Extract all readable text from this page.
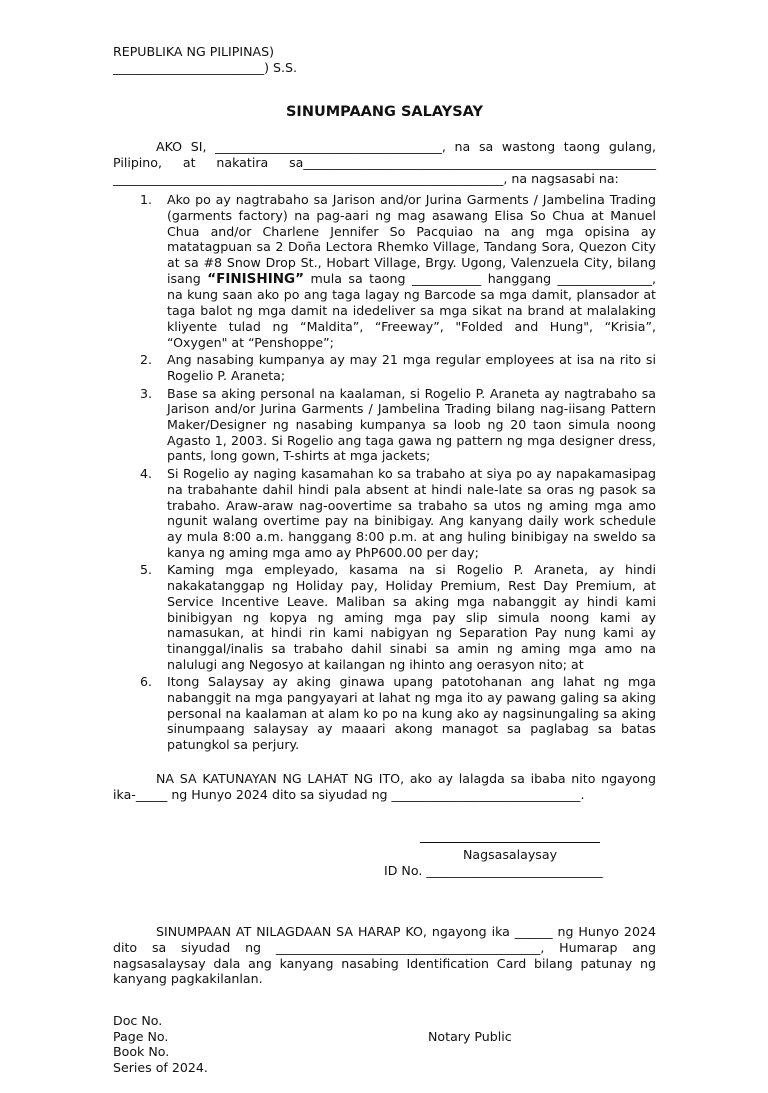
REPUBLIKA NG PILIPINAS)

________________________) S.S.

SINUMPAANG SALAYSAY

AKO SI, ____________________________________, na sa wastong taong gulang, Pilipino, at nakatira sa________________________________________________________ ______________________________________________________________, na nagsasabi na:

1. Ako po ay nagtrabaho sa Jarison and/or Jurina Garments / Jambelina Trading (garments factory) na pag-aari ng mag asawang Elisa So Chua at Manuel Chua and/or Charlene Jennifer So Pacquiao na ang mga opisina ay matatagpuan sa 2 Doña Lectora Rhemko Village, Tandang Sora, Quezon City at sa #8 Snow Drop St., Hobart Village, Brgy. Ugong, Valenzuela City, bilang isang “FINISHING” mula sa taong ___________ hanggang _______________, na kung saan ako po ang taga lagay ng Barcode sa mga damit, plansador at taga balot ng mga damit na idedeliver sa mga sikat na brand at malalaking kliyente tulad ng “Maldita”, “Freeway”, "Folded and Hung", “Krisia”, “Oxygen" at “Penshoppe”;
2. Ang nasabing kumpanya ay may 21 mga regular employees at isa na rito si Rogelio P. Araneta;
3. Base sa aking personal na kaalaman, si Rogelio P. Araneta ay nagtrabaho sa Jarison and/or Jurina Garments / Jambelina Trading bilang nag-iisang Pattern Maker/Designer ng nasabing kumpanya sa loob ng 20 taon simula noong Agasto 1, 2003. Si Rogelio ang taga gawa ng pattern ng mga designer dress, pants, long gown, T-shirts at mga jackets;
4. Si Rogelio ay naging kasamahan ko sa trabaho at siya po ay napakamasipag na trabahante dahil hindi pala absent at hindi nale-late sa oras ng pasok sa trabaho. Araw-araw nag-oovertime sa trabaho sa utos ng aming mga amo ngunit walang overtime pay na binibigay. Ang kanyang daily work schedule ay mula 8:00 a.m. hanggang 8:00 p.m. at ang huling binibigay na sweldo sa kanya ng aming mga amo ay PhP600.00 per day;
5. Kaming mga empleyado, kasama na si Rogelio P. Araneta, ay hindi nakakatanggap ng Holiday pay, Holiday Premium, Rest Day Premium, at Service Incentive Leave. Maliban sa aking mga nabanggit ay hindi kami binibigyan ng kopya ng aming mga pay slip simula noong kami ay namasukan, at hindi rin kami nabigyan ng Separation Pay nung kami ay tinanggal/inalis sa trabaho dahil sinabi sa amin ng aming mga amo na nalulugi ang Negosyo at kailangan ng ihinto ang oerasyon nito; at
6. Itong Salaysay ay aking ginawa upang patotohanan ang lahat ng mga nabanggit na mga pangyayari at lahat ng mga ito ay pawang galing sa aking personal na kaalaman at alam ko po na kung ako ay nagsinungaling sa aking sinumpaang salaysay ay maaari akong managot sa paglabag sa batas patungkol sa perjury.

NA SA KATUNAYAN NG LAHAT NG ITO, ako ay lalagda sa ibaba nito ngayong ika-_____ ng Hunyo 2024 dito sa siyudad ng ______________________________.

Nagsasalaysay
ID No. ____________________________

SINUMPAAN AT NILAGDAAN SA HARAP KO, ngayong ika ______ ng Hunyo 2024 dito sa siyudad ng __________________________________________, Humarap ang nagsasalaysay dala ang kanyang nasabing Identification Card bilang patunay ng kanyang pagkakilanlan.

Doc No.
Page No.
Book No.
Series of 2024.
Notary Public
